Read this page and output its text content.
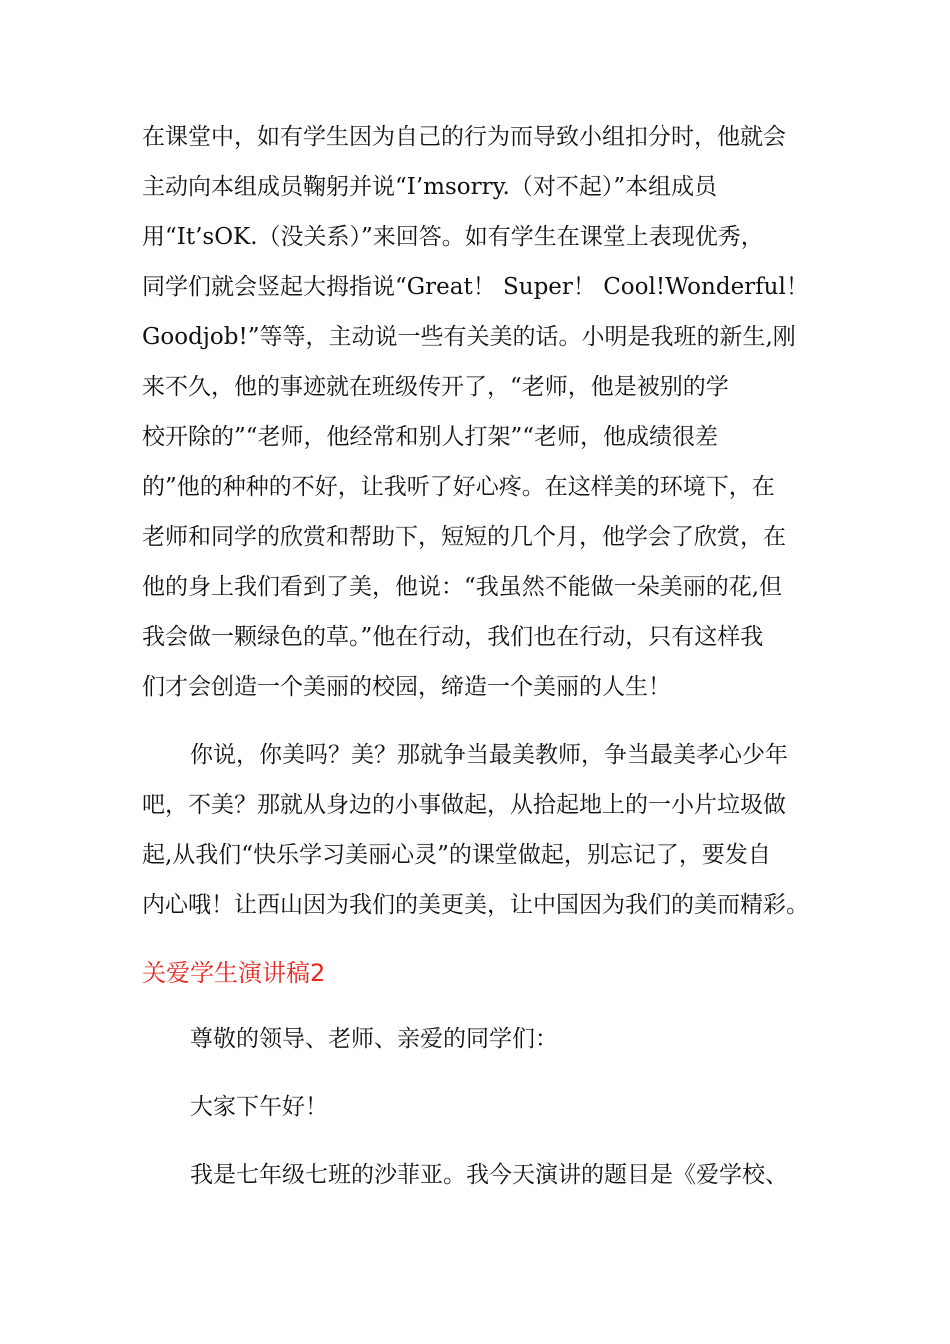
在课堂中，如有学生因为自己的行为而导致小组扣分时，他就会
主动向本组成员鞠躬并说“I’msorry.（对不起）”本组成员
用“It’sOK.（没关系）”来回答。如有学生在课堂上表现优秀，
同学们就会竖起大拇指说“Great！ Super！ Cool!Wonderful！
Goodjob!”等等，主动说一些有关美的话。小明是我班的新生,刚
来不久，他的事迹就在班级传开了，“老师，他是被别的学
校开除的”“老师，他经常和别人打架”“老师，他成绩很差
的”他的种种的不好，让我听了好心疼。在这样美的环境下，在
老师和同学的欣赏和帮助下，短短的几个月，他学会了欣赏，在
他的身上我们看到了美，他说：“我虽然不能做一朵美丽的花,但
我会做一颗绿色的草。”他在行动，我们也在行动，只有这样我
们才会创造一个美丽的校园，缔造一个美丽的人生！
你说，你美吗？美？那就争当最美教师，争当最美孝心少年
吧，不美？那就从身边的小事做起，从拾起地上的一小片垃圾做
起,从我们“快乐学习美丽心灵”的课堂做起，别忘记了，要发自
内心哦！让西山因为我们的美更美，让中国因为我们的美而精彩。
关爱学生演讲稿2
尊敬的领导、老师、亲爱的同学们：
大家下午好！
我是七年级七班的沙菲亚。我今天演讲的题目是《爱学校、
